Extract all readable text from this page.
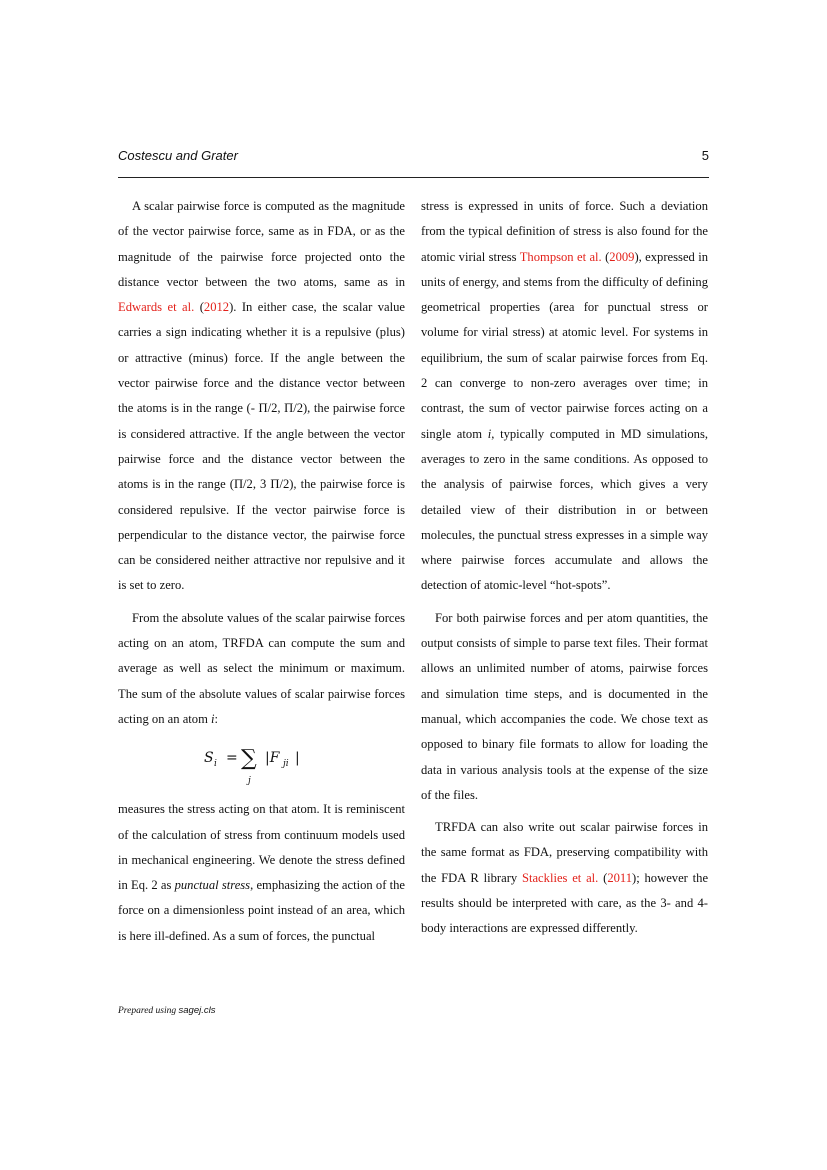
Costescu and Grater	5

A scalar pairwise force is computed as the magnitude of the vector pairwise force, same as in FDA, or as the magnitude of the pairwise force projected onto the distance vector between the two atoms, same as in Edwards et al. (2012). In either case, the scalar value carries a sign indicating whether it is a repulsive (plus) or attractive (minus) force. If the angle between the vector pairwise force and the distance vector between the atoms is in the range (- Π/2, Π/2), the pairwise force is considered attractive. If the angle between the vector pairwise force and the distance vector between the atoms is in the range (Π/2, 3 Π/2), the pairwise force is considered repulsive. If the vector pairwise force is perpendicular to the distance vector, the pairwise force can be considered neither attractive nor repulsive and it is set to zero.

From the absolute values of the scalar pairwise forces acting on an atom, TRFDA can compute the sum and average as well as select the minimum or maximum. The sum of the absolute values of scalar pairwise forces acting on an atom i:

S i = ∑
j
|F ji |

measures the stress acting on that atom. It is reminiscent of the calculation of stress from continuum models used in mechanical engineering. We denote the stress defined in Eq. 2 as punctual stress, emphasizing the action of the force on a dimensionless point instead of an area, which is here ill-defined. As a sum of forces, the punctual

stress is expressed in units of force. Such a deviation from the typical definition of stress is also found for the atomic virial stress Thompson et al. (2009), expressed in units of energy, and stems from the difficulty of defining geometrical properties (area for punctual stress or volume for virial stress) at atomic level. For systems in equilibrium, the sum of scalar pairwise forces from Eq. 2 can converge to non-zero averages over time; in contrast, the sum of vector pairwise forces acting on a single atom i, typically computed in MD simulations, averages to zero in the same conditions. As opposed to the analysis of pairwise forces, which gives a very detailed view of their distribution in or between molecules, the punctual stress expresses in a simple way where pairwise forces accumulate and allows the detection of atomic-level “hot-spots”.

For both pairwise forces and per atom quantities, the output consists of simple to parse text files. Their format allows an unlimited number of atoms, pairwise forces and simulation time steps, and is documented in the manual, which accompanies the code. We chose text as opposed to binary file formats to allow for loading the data in various analysis tools at the expense of the size of the files.

TRFDA can also write out scalar pairwise forces in the same format as FDA, preserving compatibility with the FDA R library Stacklies et al. (2011); however the results should be interpreted with care, as the 3- and 4-body interactions are expressed differently.

Prepared using sagej.cls
